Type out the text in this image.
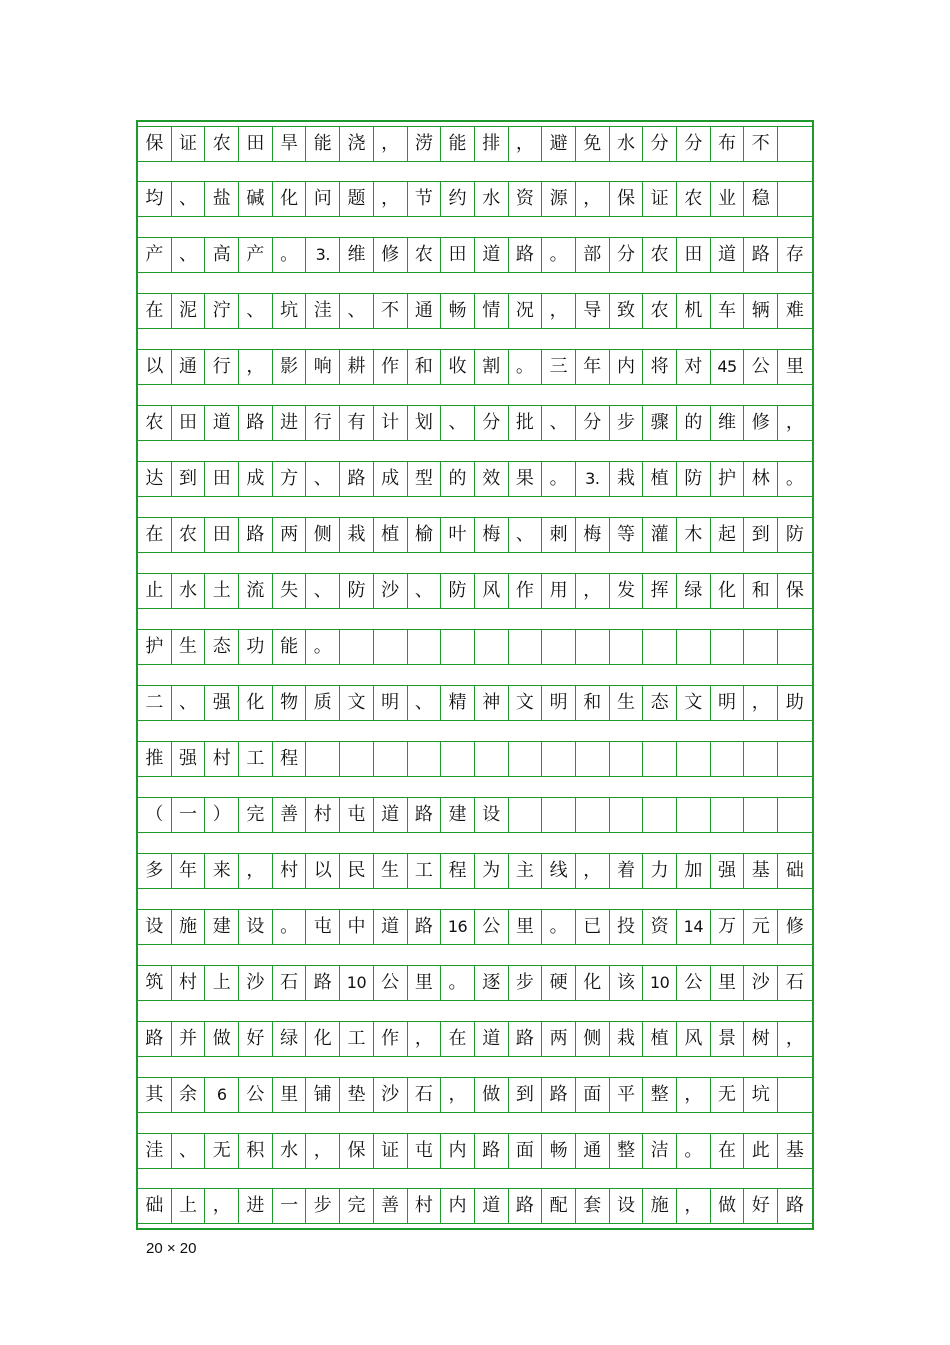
保 证 农 田 旱 能 浇 ， 涝 能 排 ， 避 免 水 分 分 布 不
均 、 盐 碱 化 问 题 ， 节 约 水 资 源 ， 保 证 农 业 稳
产 、 高 产 。	3. 维 修 农 田 道 路 。 部 分 农 田 道 路 存
在 泥 泞 、 坑 洼 、 不 通 畅 情 况 ， 导 致 农 机 车 辆 难
以 通 行 ， 影 响 耕 作 和 收 割 。 三 年 内 将 对 45 公 里
农 田 道 路 进 行 有 计 划 、 分 批 、 分 步 骤 的 维 修 ，
达 到 田 成 方 、 路 成 型 的 效 果 。	3. 栽 植 防 护 林 。
在 农 田 路 两 侧 栽 植 榆 叶 梅 、 刺 梅 等 灌 木 起 到 防
止 水 土 流 失 、 防 沙 、 防 风 作 用 ， 发 挥 绿 化 和 保
护 生 态 功 能 。
二 、 强 化 物 质 文 明 、 精 神 文 明 和 生 态 文 明 ， 助
推 强 村 工 程
（ 一 ） 完 善 村 屯 道 路 建 设
多 年 来 ， 村 以 民 生 工 程 为 主 线 ， 着 力 加 强 基 础
设 施 建 设 。 屯 中 道 路 16 公 里 。 已 投 资 14 万 元 修
筑 村 上 沙 石 路 10 公 里 。 逐 步 硬 化 该 10 公 里 沙 石
路 并 做 好 绿 化 工 作 ， 在 道 路 两 侧 栽 植 风 景 树 ，
其 余	6	公 里 铺 垫 沙 石 ， 做 到 路 面 平 整 ， 无 坑
洼 、 无 积 水 ， 保 证 屯 内 路 面 畅 通 整 洁 。 在 此 基
础 上 ， 进 一 步 完 善 村 内 道 路 配 套 设 施 ， 做 好 路
20 × 20
